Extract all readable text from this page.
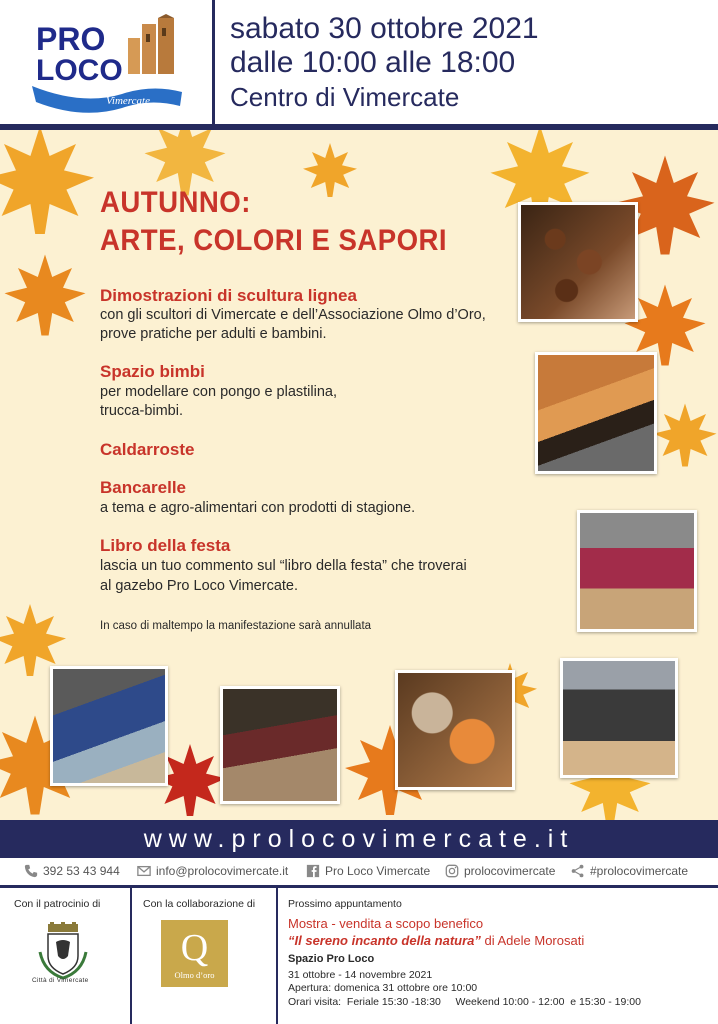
PRO
LOCO
Vimercate
sabato 30 ottobre 2021
dalle 10:00 alle 18:00
Centro di Vimercate
AUTUNNO:
ARTE, COLORI E SAPORI
Dimostrazioni di scultura lignea
con gli scultori di Vimercate e dell’Associazione Olmo d’Oro,
prove pratiche per adulti e bambini.
Spazio bimbi
per modellare con pongo e plastilina,
trucca-bimbi.
Caldarroste
Bancarelle
a tema e agro-alimentari con prodotti di stagione.
Libro della festa
lascia un tuo commento sul “libro della festa” che troverai
al gazebo Pro Loco Vimercate.
In caso di maltempo la manifestazione sarà annullata
www.prolocovimercate.it
392 53 43 944	info@prolocovimercate.it	Pro Loco Vimercate	prolocovimercate	#prolocovimercate
Con il patrocinio di
Città di Vimercate
Con la collaborazione di
Q
Olmo d’oro
Prossimo appuntamento
Mostra - vendita a scopo benefico
“Il sereno incanto della natura” di Adele Morosati
Spazio Pro Loco
31 ottobre - 14 novembre 2021
Apertura: domenica 31 ottobre ore 10:00
Orari visita:  Feriale 15:30 -18:30     Weekend 10:00 - 12:00  e 15:30 - 19:00
